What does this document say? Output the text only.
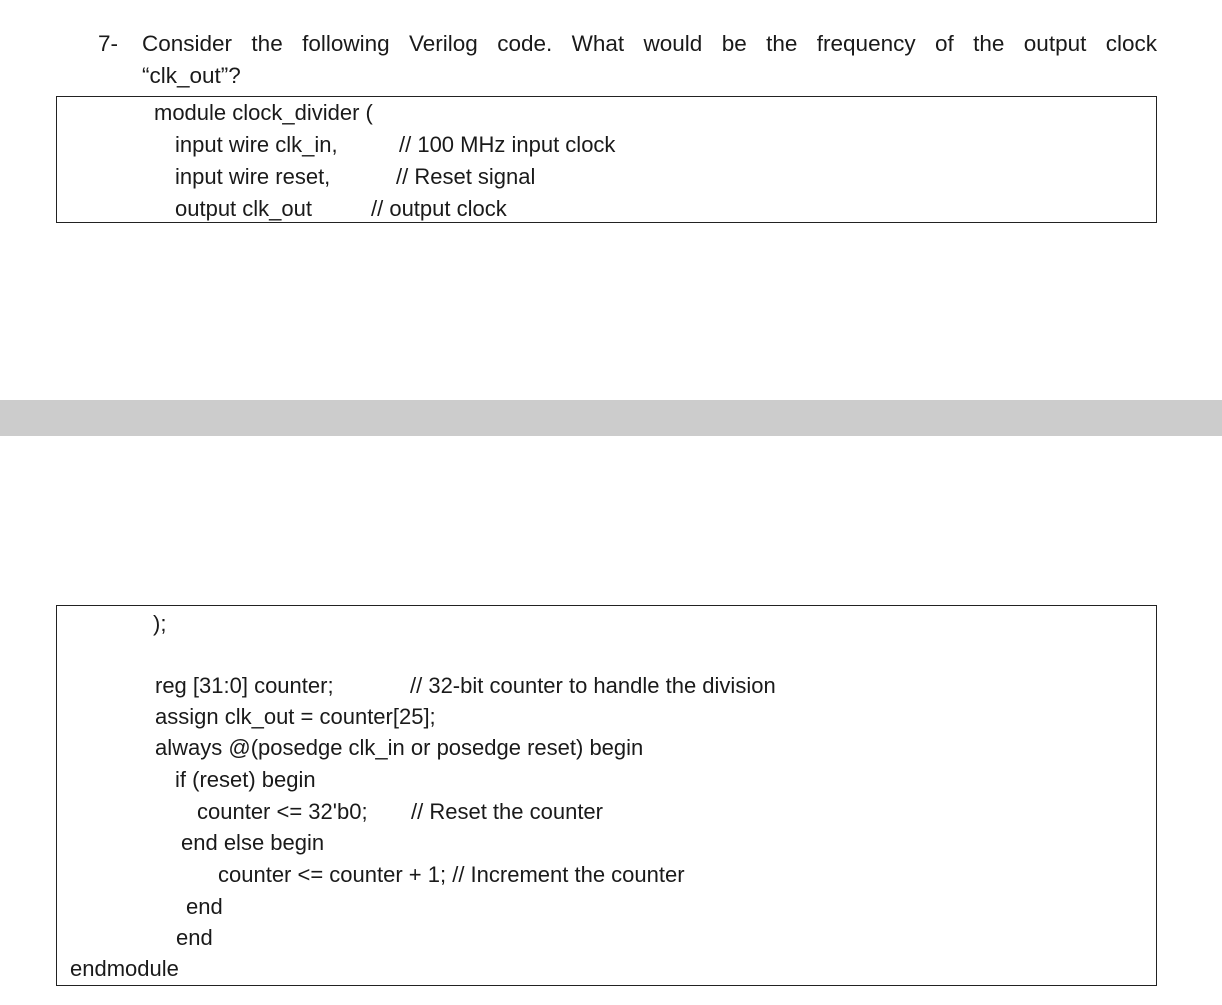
7- Consider the following Verilog code. What would be the frequency of the output clock
“clk_out”?
module clock_divider (
input wire clk_in,	// 100 MHz input clock
input wire reset,	// Reset signal
output clk_out	// output clock
);
reg [31:0] counter;	// 32-bit counter to handle the division
assign clk_out = counter[25];
always @(posedge clk_in or posedge reset) begin
if (reset) begin
counter <= 32'b0; // Reset the counter
end else begin
counter <= counter + 1; // Increment the counter
end
end
endmodule
